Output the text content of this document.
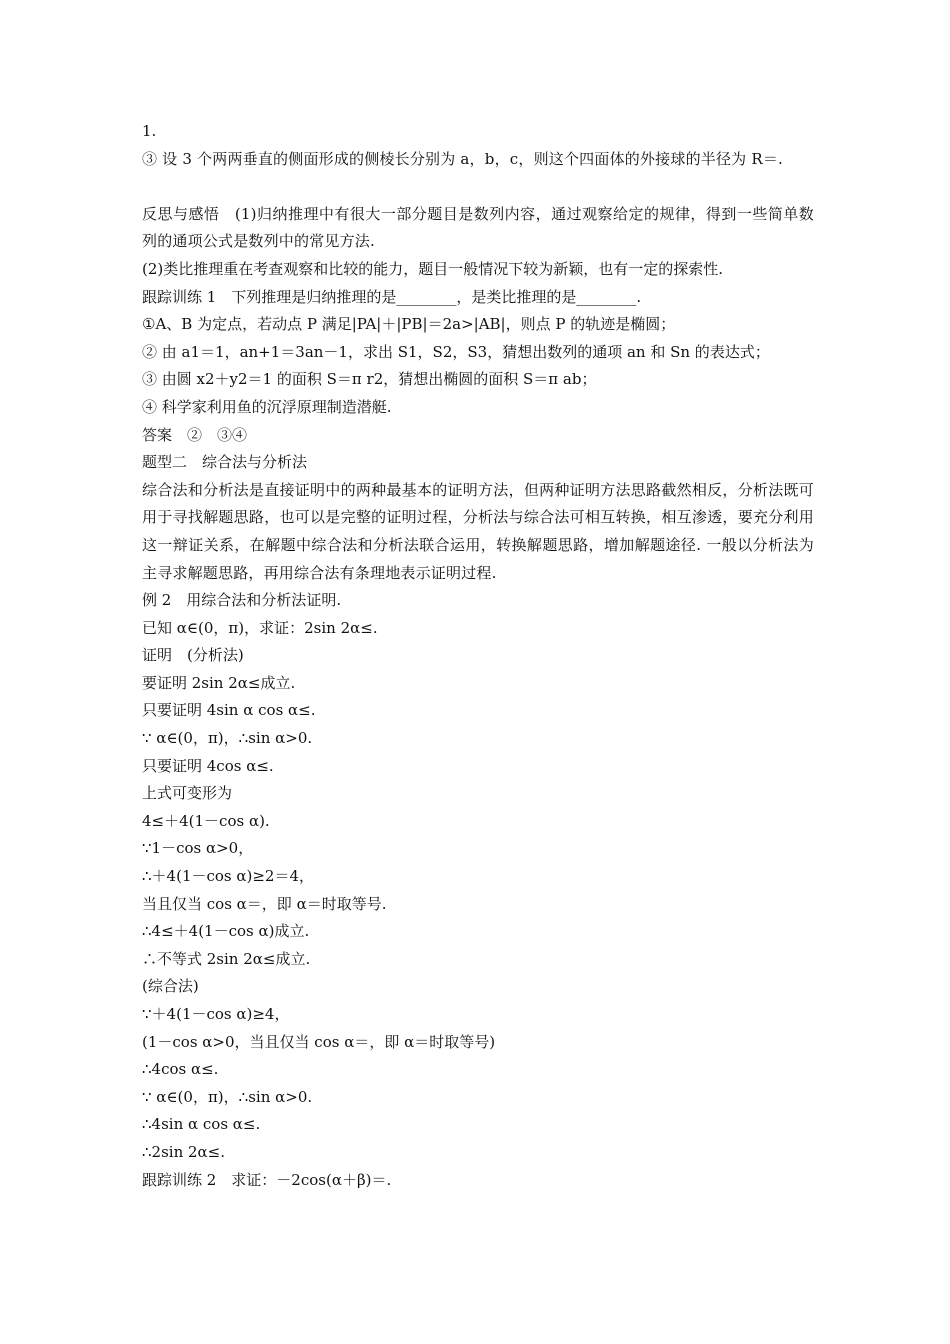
1.
③ 设 3 个两两垂直的侧面形成的侧棱长分别为 a，b，c，则这个四面体的外接球的半径为 R＝.
反思与感悟　(1)归纳推理中有很大一部分题目是数列内容，通过观察给定的规律，得到一些简单数列的通项公式是数列中的常见方法.
(2)类比推理重在考查观察和比较的能力，题目一般情况下较为新颖，也有一定的探索性.
跟踪训练 1　下列推理是归纳推理的是________，是类比推理的是________.
①A、B 为定点，若动点 P 满足|PA|＋|PB|＝2a>|AB|，则点 P 的轨迹是椭圆；
② 由 a1＝1，an+1＝3an－1，求出 S1，S2，S3，猜想出数列的通项 an 和 Sn 的表达式；
③ 由圆 x2＋y2＝1 的面积 S＝π r2，猜想出椭圆的面积 S＝π ab；
④ 科学家利用鱼的沉浮原理制造潜艇.
答案　②　③④
题型二　综合法与分析法
综合法和分析法是直接证明中的两种最基本的证明方法，但两种证明方法思路截然相反，分析法既可用于寻找解题思路，也可以是完整的证明过程，分析法与综合法可相互转换，相互渗透，要充分利用这一辩证关系，在解题中综合法和分析法联合运用，转换解题思路，增加解题途径. 一般以分析法为主寻求解题思路，再用综合法有条理地表示证明过程.
例 2　用综合法和分析法证明.
已知 α∈(0，π)，求证：2sin 2α≤.
证明　(分析法)
要证明 2sin 2α≤成立.
只要证明 4sin α cos α≤.
∵ α∈(0，π)，∴sin α>0.
只要证明 4cos α≤.
上式可变形为
4≤＋4(1－cos α).
∵1－cos α>0，
∴＋4(1－cos α)≥2＝4，
当且仅当 cos α＝，即 α＝时取等号.
∴4≤＋4(1－cos α)成立.
∴不等式 2sin 2α≤成立.
(综合法)
∵＋4(1－cos α)≥4，
(1－cos α>0，当且仅当 cos α＝，即 α＝时取等号)
∴4cos α≤.
∵ α∈(0，π)，∴sin α>0.
∴4sin α cos α≤.
∴2sin 2α≤.
跟踪训练 2　求证：－2cos(α＋β)＝.
